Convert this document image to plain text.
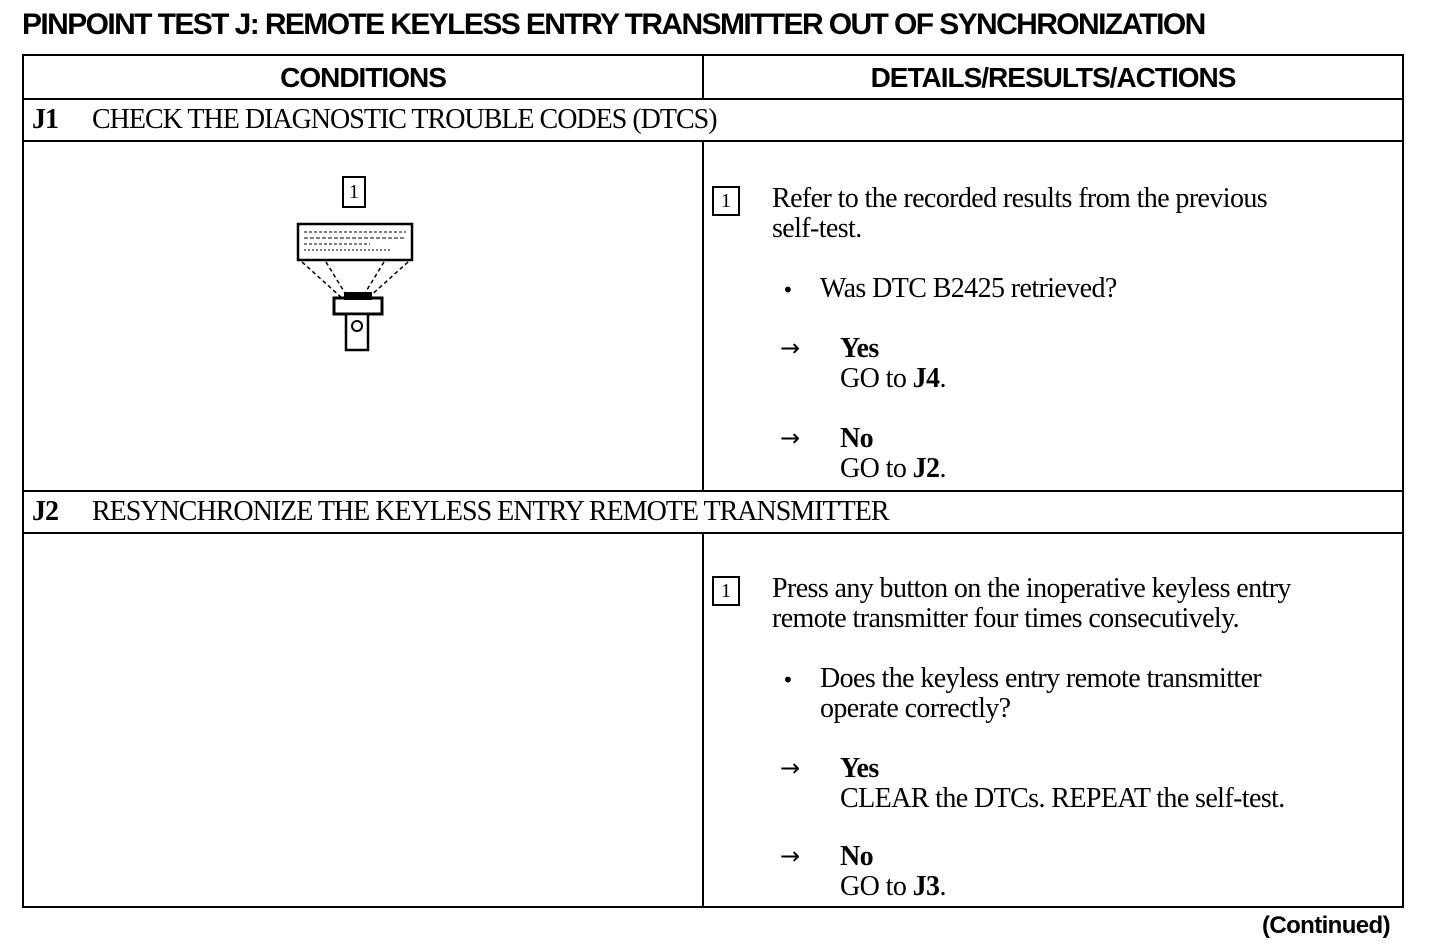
PINPOINT TEST J: REMOTE KEYLESS ENTRY TRANSMITTER OUT OF SYNCHRONIZATION
CONDITIONS	DETAILS/RESULTS/ACTIONS
J1 CHECK THE DIAGNOSTIC TROUBLE CODES (DTCS)
1	1	Refer to the recorded results from the previous
self-test.
• Was DTC B2425 retrieved?
→ Yes
GO to J4.
→ No
GO to J2.
J2 RESYNCHRONIZE THE KEYLESS ENTRY REMOTE TRANSMITTER
1	Press any button on the inoperative keyless entry
remote transmitter four times consecutively.
• Does the keyless entry remote transmitter
operate correctly?
→ Yes
CLEAR the DTCs. REPEAT the self-test.
→ No
GO to J3.
(Continued)
